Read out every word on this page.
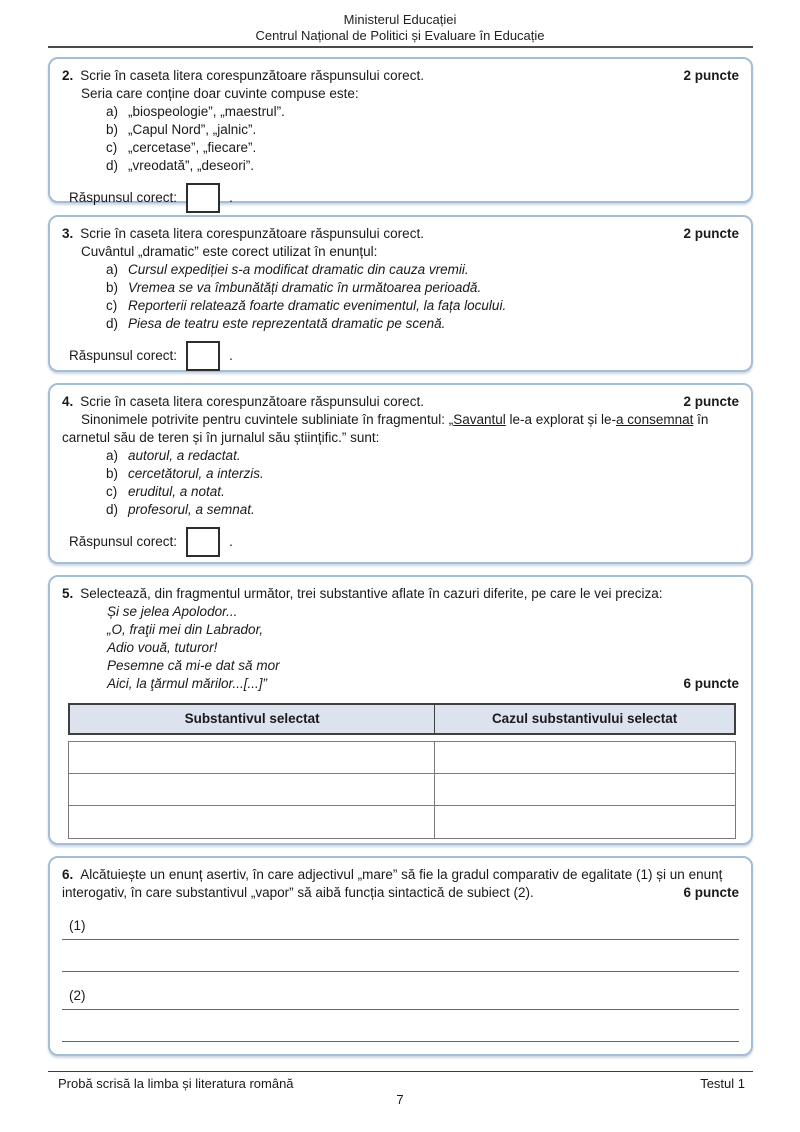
Ministerul Educației
Centrul Național de Politici și Evaluare în Educație
2. Scrie în caseta litera corespunzătoare răspunsului corect.	2 puncte
Seria care conține doar cuvinte compuse este:
a) „biospeologie”, „maestrul”.
b) „Capul Nord”, „jalnic”.
c) „cercetase”, „fiecare”.
d) „vreodată”, „deseori”.
Răspunsul corect:	.
3. Scrie în caseta litera corespunzătoare răspunsului corect.	2 puncte
Cuvântul „dramatic” este corect utilizat în enunțul:
a) Cursul expediției s-a modificat dramatic din cauza vremii.
b) Vremea se va îmbunătăți dramatic în următoarea perioadă.
c) Reporterii relatează foarte dramatic evenimentul, la fața locului.
d) Piesa de teatru este reprezentată dramatic pe scenă.
Răspunsul corect:	.
4. Scrie în caseta litera corespunzătoare răspunsului corect.	2 puncte
Sinonimele potrivite pentru cuvintele subliniate în fragmentul: „Savantul le-a explorat și le-a consemnat în carnetul său de teren și în jurnalul său științific.” sunt:
a) autorul, a redactat.
b) cercetătorul, a interzis.
c) eruditul, a notat.
d) profesorul, a semnat.
Răspunsul corect:	.
5. Selectează, din fragmentul următor, trei substantive aflate în cazuri diferite, pe care le vei preciza:
Și se jelea Apolodor...
„O, fraţii mei din Labrador,
Adio vouă, tuturor!
Pesemne că mi-e dat să mor
Aici, la ţărmul mărilor...[...]”	6 puncte
Substantivul selectat	Cazul substantivului selectat

6. Alcătuiește un enunț asertiv, în care adjectivul „mare” să fie la gradul comparativ de egalitate (1) și un enunț interogativ, în care substantivul „vapor” să aibă funcția sintactică de subiect (2).	6 puncte

(1)
(2)
Probă scrisă la limba și literatura română	Testul 1
7
